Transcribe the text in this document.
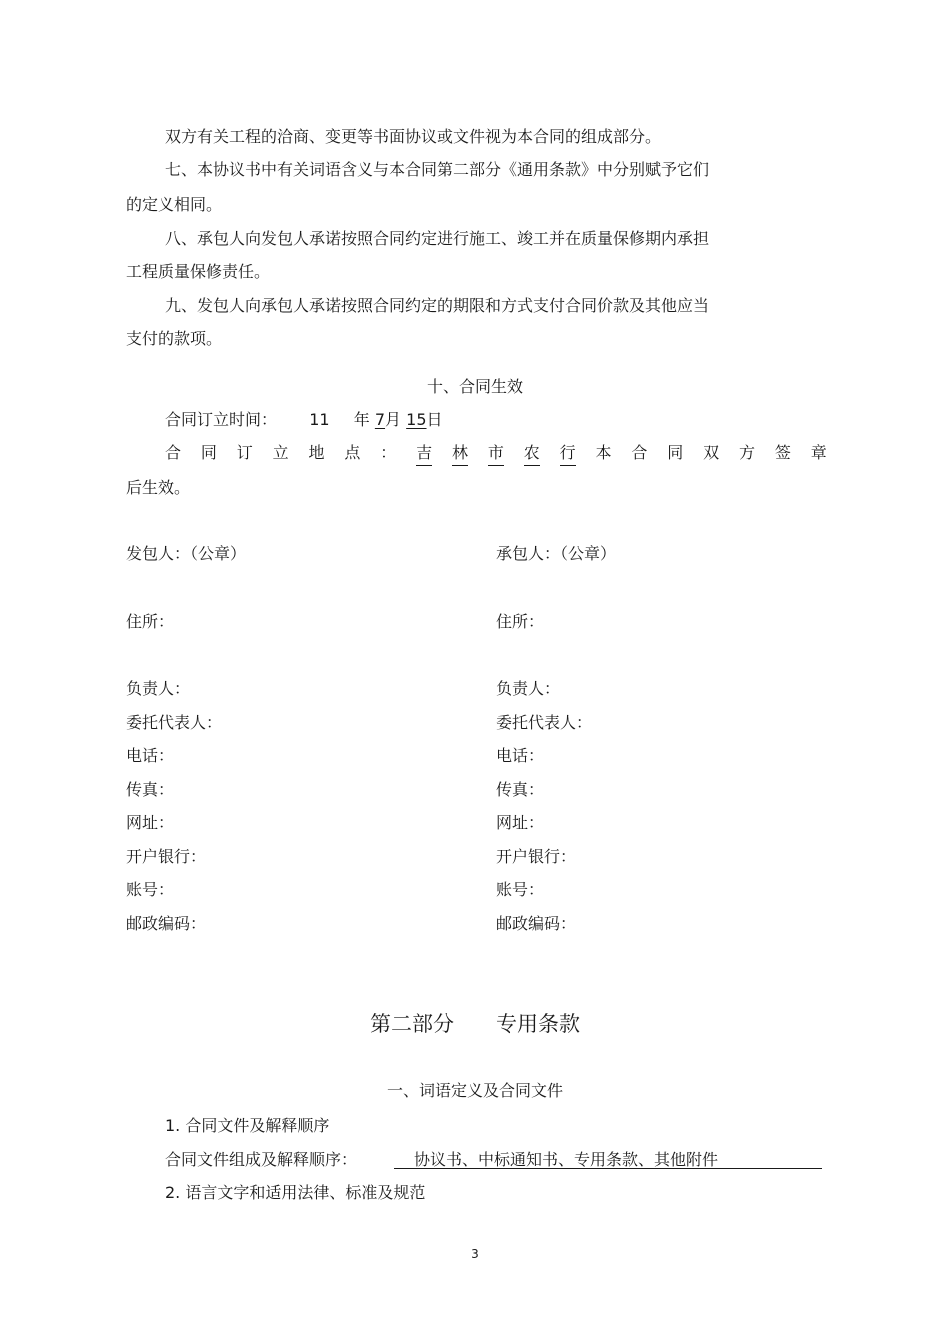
双方有关工程的洽商、变更等书面协议或文件视为本合同的组成部分。
七、本协议书中有关词语含义与本合同第二部分《通用条款》中分别赋予它们
的定义相同。
八、承包人向发包人承诺按照合同约定进行施工、竣工并在质量保修期内承担
工程质量保修责任。
九、发包人向承包人承诺按照合同约定的期限和方式支付合同价款及其他应当
支付的款项。
十、合同生效
合同订立时间： 11 年 7月 15日
合 同 订 立 地 点 ： 吉 林 市 农 行 本 合 同 双 方 签 章
后生效。
发包人：（公章）	承包人：（公章）
住所：	住所：
负责人：	负责人：
委托代表人：	委托代表人：
电话：	电话：
传真：	传真：
网址：	网址：
开户银行：	开户银行：
账号：	账号：
邮政编码：	邮政编码：
第二部分　　专用条款
一、词语定义及合同文件
1. 合同文件及解释顺序
合同文件组成及解释顺序：	协议书、中标通知书、专用条款、其他附件
2. 语言文字和适用法律、标准及规范
3
